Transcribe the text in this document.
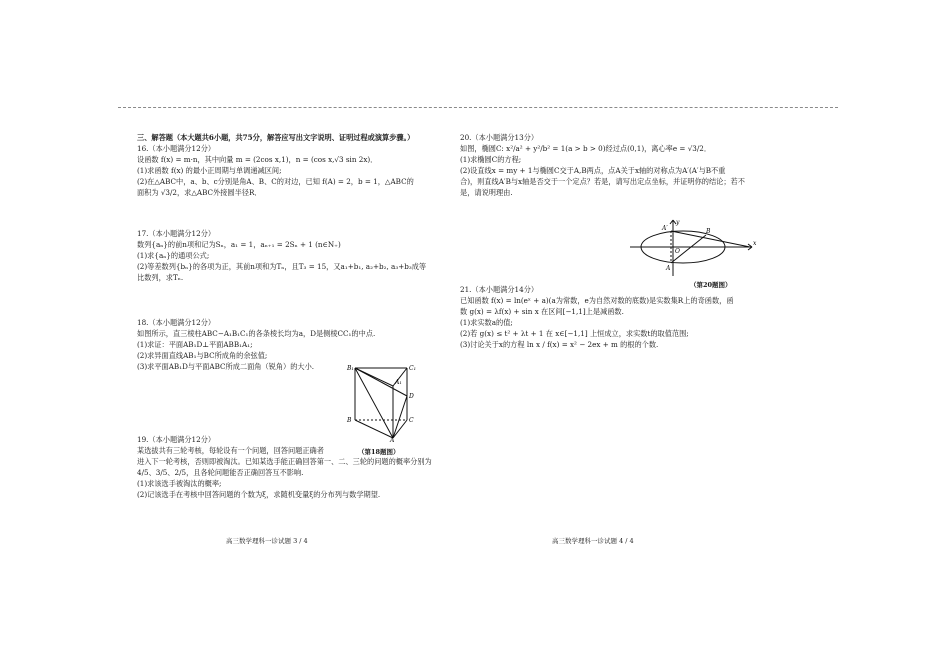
三、解答题（本大题共6小题，共75分，解答应写出文字说明、证明过程或演算步骤。）

16.（本小题满分12分）

设函数 f(x) = m·n，其中向量 m = (2cos x,1)，n = (cos x,√3 sin 2x)．

(1)求函数 f(x) 的最小正周期与单调递减区间;

(2)在△ABC中，a、b、c分别是角A、B、C的对边，已知 f(A) = 2，b = 1，△ABC的

面积为 √3/2，求△ABC外接圆半径R．

17.（本小题满分12分）

数列{aₙ}的前n项和记为Sₙ，a₁ = 1，aₙ₊₁ = 2Sₙ + 1 (n∈N₊)

(1)求{aₙ}的通项公式;

(2)等差数列{bₙ}的各项为正，其前n项和为Tₙ，且T₃ = 15，又a₁+b₁, a₂+b₂, a₃+b₃成等

比数列，求Tₙ.

18.（本小题满分12分）

如图所示，直三棱柱ABC−A₁B₁C₁的各条棱长均为a，D是侧棱CC₁的中点.

(1)求证：平面AB₁D⊥平面ABB₁A₁;

(2)求异面直线AB₁与BC所成角的余弦值;

(3)求平面AB₁D与平面ABC所成二面角（锐角）的大小.

19.（本小题满分12分）

某选拔共有三轮考核，每轮设有一个问题，回答问题正确者

进入下一轮考核，否则即被淘汰。已知某选手能正确回答第一、二、三轮的问题的概率分别为

4/5、3/5、2/5，且各轮问题能否正确回答互不影响.

(1)求该选手被淘汰的概率;

(2)记该选手在考核中回答问题的个数为ξ，求随机变量ξ的分布列与数学期望.

B₁	C₁
A₁
D
B	C
A
（第18题图）

20.（本小题满分13分）

如图，椭圆C: x²/a² + y²/b² = 1(a > b > 0)经过点(0,1)，离心率e = √3/2．

(1)求椭圆C的方程;

(2)设直线x = my + 1与椭圆C交于A,B两点，点A关于x轴的对称点为A′(A′与B不重

合)，则直线A′B与x轴是否交于一个定点？若是，请写出定点坐标，并证明你的结论；若不

是，请说明理由.

21.（本小题满分14分）

已知函数 f(x) = ln(eˣ + a)(a为常数，e为自然对数的底数)是实数集R上的奇函数，函

数 g(x) = λf(x) + sin x 在区间[−1,1]上是减函数.

(1)求实数a的值;

(2)若 g(x) ≤ t² + λt + 1 在 x∈[−1,1] 上恒成立，求实数t的取值范围;

(3)讨论关于x的方程 ln x / f(x) = x² − 2ex + m 的根的个数.

y
x
A′	B
O
A
（第20题图）
高三数学理科一诊试题 3 / 4	高三数学理科一诊试题 4 / 4
